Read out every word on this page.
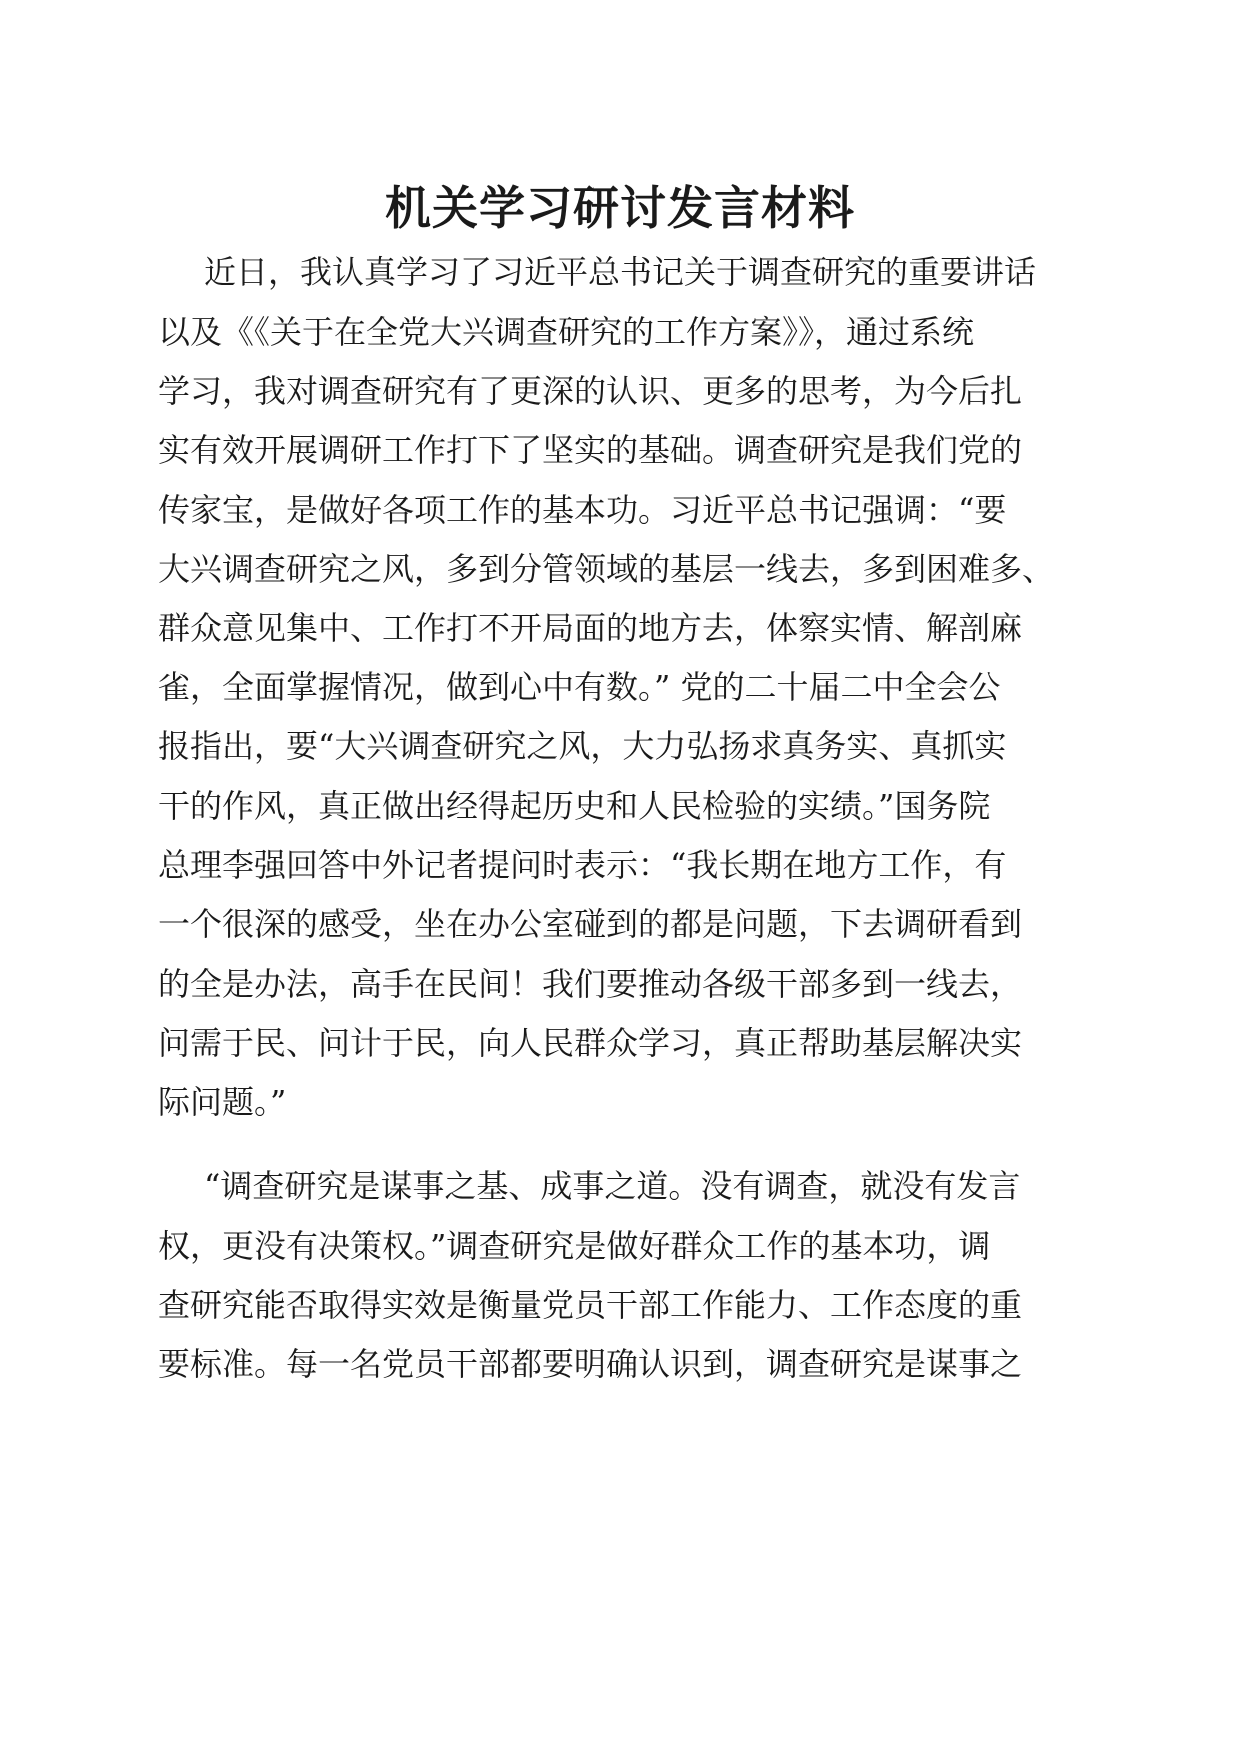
机关学习研讨发言材料

近日，我认真学习了习近平总书记关于调查研究的重要讲话

以及《《关于在全党大兴调查研究的工作方案》》，通过系统

学习，我对调查研究有了更深的认识、更多的思考，为今后扎

实有效开展调研工作打下了坚实的基础。调查研究是我们党的

传家宝，是做好各项工作的基本功。习近平总书记强调：“要

大兴调查研究之风，多到分管领域的基层一线去，多到困难多、

群众意见集中、工作打不开局面的地方去，体察实情、解剖麻

雀，全面掌握情况，做到心中有数。” 党的二十届二中全会公

报指出，要“大兴调查研究之风，大力弘扬求真务实、真抓实

干的作风，真正做出经得起历史和人民检验的实绩。”国务院

总理李强回答中外记者提问时表示：“我长期在地方工作，有

一个很深的感受，坐在办公室碰到的都是问题，下去调研看到

的全是办法，高手在民间！我们要推动各级干部多到一线去，

问需于民、问计于民，向人民群众学习，真正帮助基层解决实

际问题。”

“调查研究是谋事之基、成事之道。没有调查，就没有发言

权，更没有决策权。”调查研究是做好群众工作的基本功，调

查研究能否取得实效是衡量党员干部工作能力、工作态度的重

要标准。每一名党员干部都要明确认识到，调查研究是谋事之
